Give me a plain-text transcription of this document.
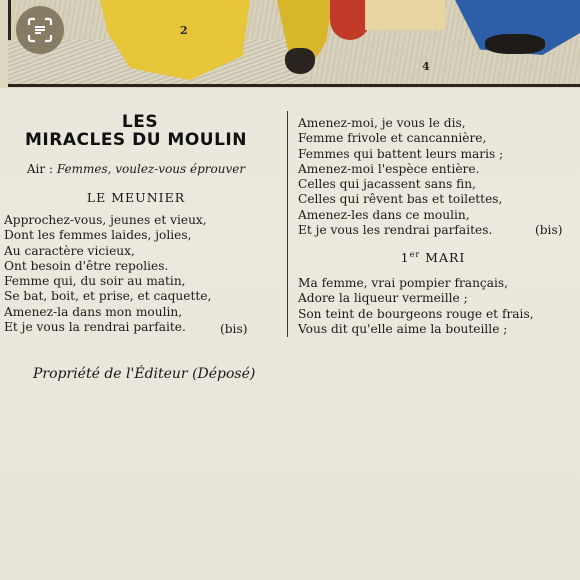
2
4
LES
MIRACLES DU MOULIN
Air : Femmes, voulez-vous éprouver
LE MEUNIER
Approchez-vous, jeunes et vieux,
Dont les femmes laides, jolies,
Au caractère vicieux,
Ont besoin d'être repolies.
Femme qui, du soir au matin,
Se bat, boit, et prise, et caquette,
Amenez-la dans mon moulin,
Et je vous la rendrai parfaite.	(bis)
Amenez-moi, je vous le dis,
Femme frivole et cancannière,
Femmes qui battent leurs maris ;
Amenez-moi l'espèce entière.
Celles qui jacassent sans fin,
Celles qui rêvent bas et toilettes,
Amenez-les dans ce moulin,
Et je vous les rendrai parfaites.	(bis)
1er MARI
Ma femme, vrai pompier français,
Adore la liqueur vermeille ;
Son teint de bourgeons rouge et frais,
Vous dit qu'elle aime la bouteille ;
Propriété de l'Éditeur (Déposé)
